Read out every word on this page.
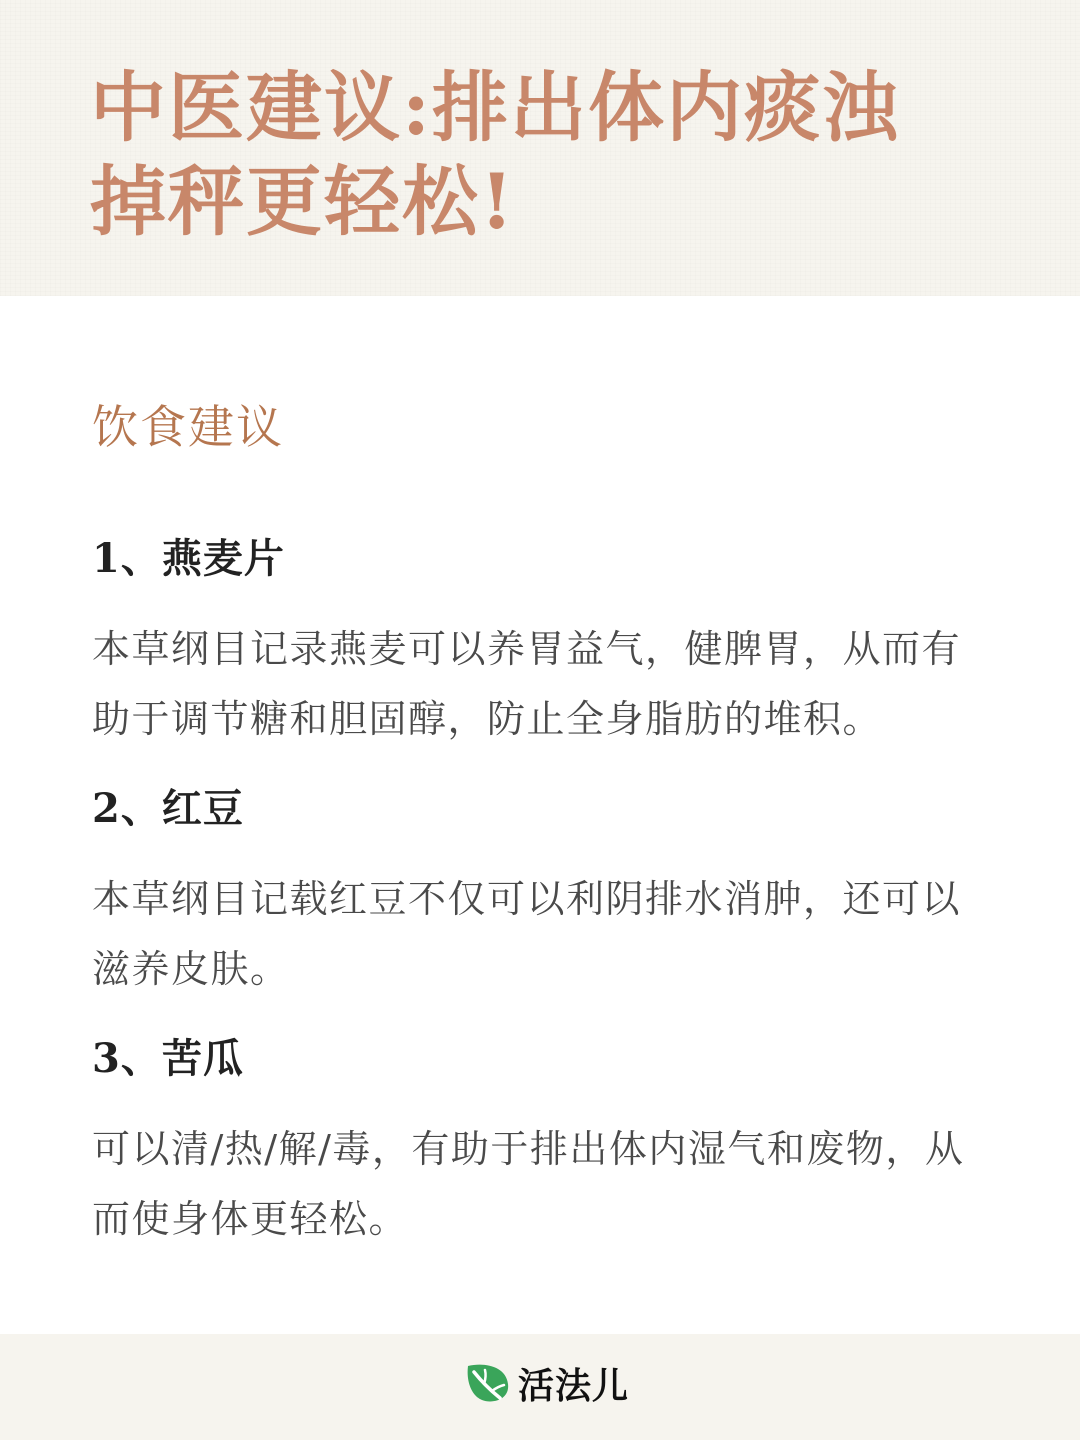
中医建议:排出体内痰浊
掉秤更轻松!
饮食建议
1、燕麦片

本草纲目记录燕麦可以养胃益气，健脾胃，从而有助于调节糖和胆固醇，防止全身脂肪的堆积。

2、红豆

本草纲目记载红豆不仅可以利阴排水消肿，还可以滋养皮肤。

3、苦瓜

可以清/热/解/毒，有助于排出体内湿气和废物，从而使身体更轻松。

活法儿
